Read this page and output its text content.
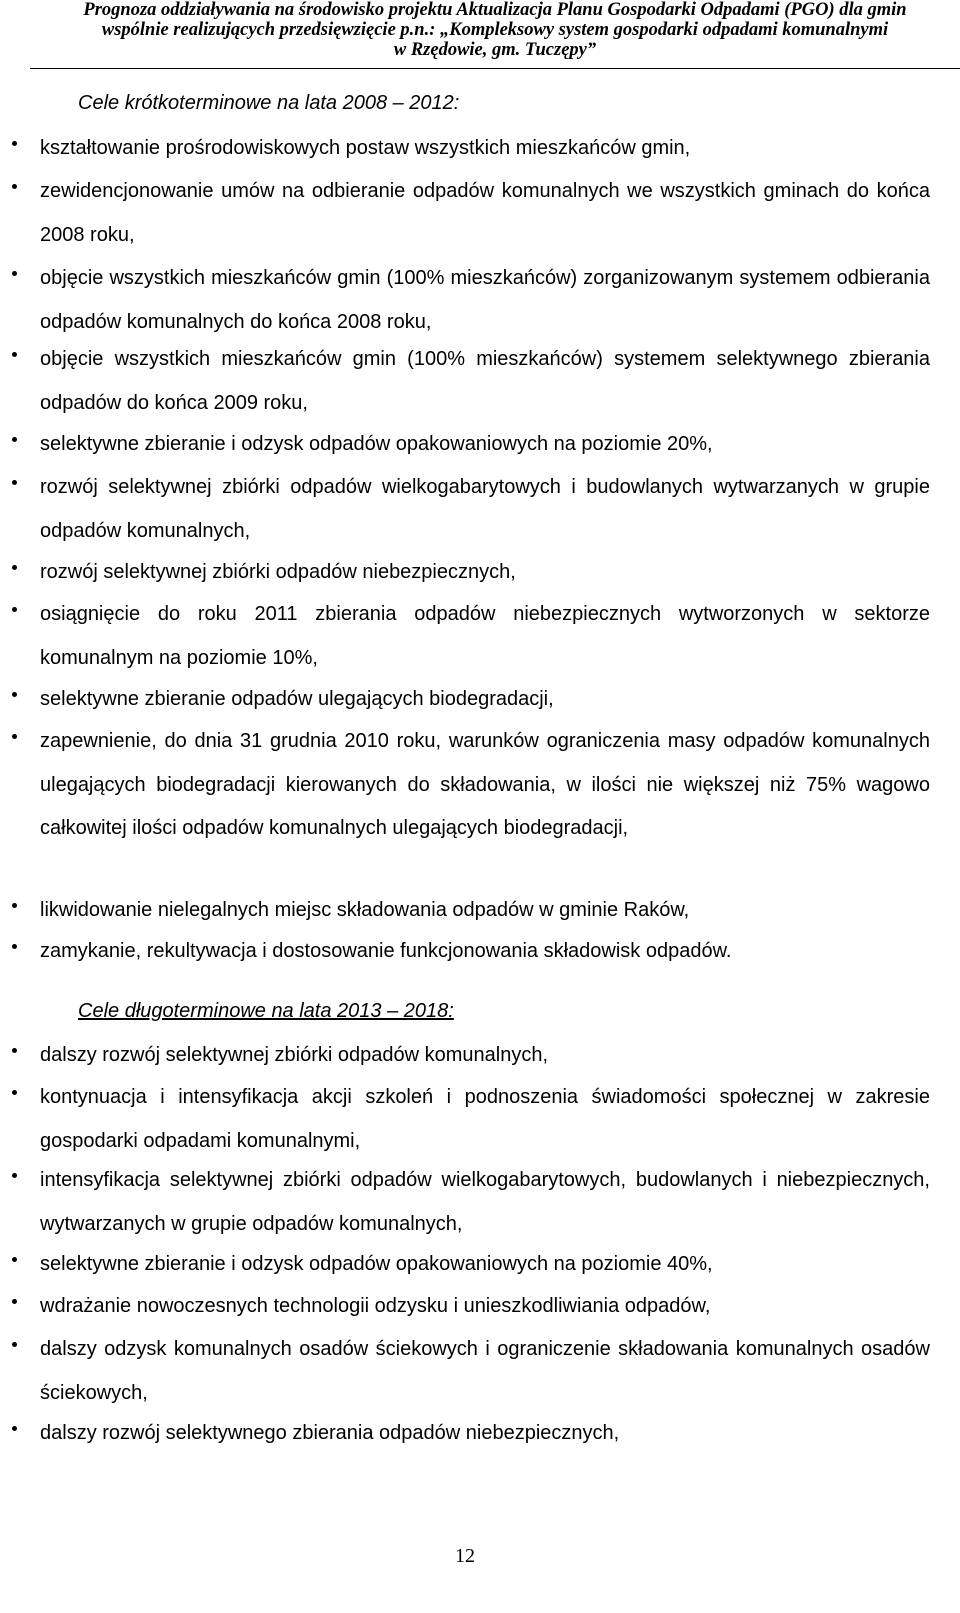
Prognoza oddziaływania na środowisko projektu Aktualizacja Planu Gospodarki Odpadami (PGO) dla gmin
wspólnie realizujących przedsięwzięcie p.n.: „Kompleksowy system gospodarki odpadami komunalnymi
w Rzędowie, gm. Tuczępy”
Cele krótkoterminowe na lata 2008 – 2012:
kształtowanie prośrodowiskowych postaw wszystkich mieszkańców gmin,
zewidencjonowanie umów na odbieranie odpadów komunalnych we wszystkich gminach do końca 2008 roku,
objęcie wszystkich mieszkańców gmin (100% mieszkańców) zorganizowanym systemem odbierania odpadów komunalnych do końca 2008 roku,
objęcie wszystkich mieszkańców gmin (100% mieszkańców) systemem selektywnego zbierania odpadów do końca 2009 roku,
selektywne zbieranie i odzysk odpadów opakowaniowych na poziomie 20%,
rozwój selektywnej zbiórki odpadów wielkogabarytowych i budowlanych wytwarzanych w grupie odpadów komunalnych,
rozwój selektywnej zbiórki odpadów niebezpiecznych,
osiągnięcie do roku 2011 zbierania odpadów niebezpiecznych wytworzonych w sektorze komunalnym na poziomie 10%,
selektywne zbieranie odpadów ulegających biodegradacji,
zapewnienie, do dnia 31 grudnia 2010 roku, warunków ograniczenia masy odpadów komunalnych ulegających biodegradacji kierowanych do składowania, w ilości nie większej niż 75% wagowo całkowitej ilości odpadów komunalnych ulegających biodegradacji,
likwidowanie nielegalnych miejsc składowania odpadów w gminie Raków,
zamykanie, rekultywacja i dostosowanie funkcjonowania składowisk odpadów.
Cele długoterminowe na lata 2013 – 2018:
dalszy rozwój selektywnej zbiórki odpadów komunalnych,
kontynuacja i intensyfikacja akcji szkoleń i podnoszenia świadomości społecznej w zakresie gospodarki odpadami komunalnymi,
intensyfikacja selektywnej zbiórki odpadów wielkogabarytowych, budowlanych i niebezpiecznych, wytwarzanych w grupie odpadów komunalnych,
selektywne zbieranie i odzysk odpadów opakowaniowych na poziomie 40%,
wdrażanie nowoczesnych technologii odzysku i unieszkodliwiania odpadów,
dalszy odzysk komunalnych osadów ściekowych i ograniczenie składowania komunalnych osadów ściekowych,
dalszy rozwój selektywnego zbierania odpadów niebezpiecznych,
12
